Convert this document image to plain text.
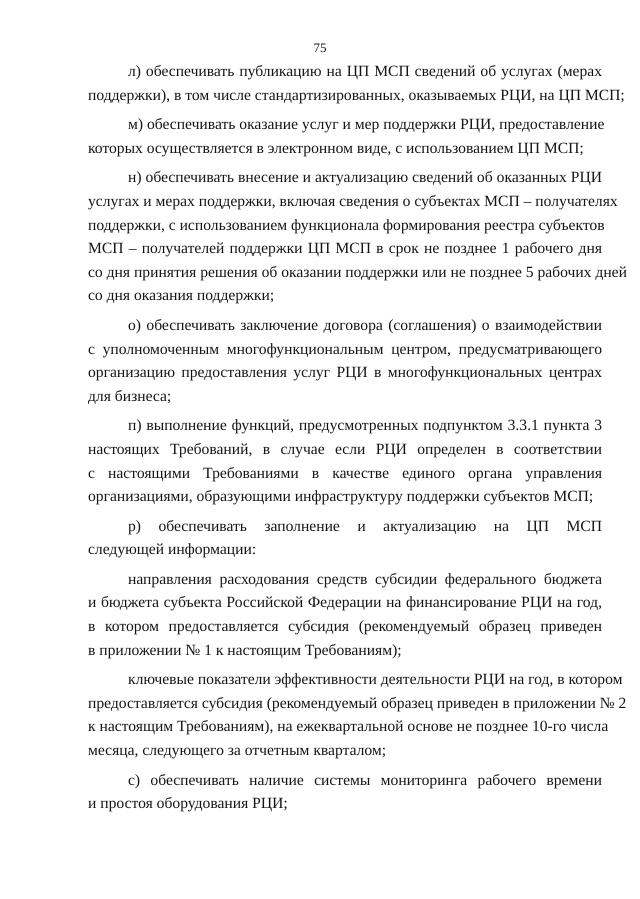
75
л) обеспечивать публикацию на ЦП МСП сведений об услугах (мерах
поддержки), в том числе стандартизированных, оказываемых РЦИ, на ЦП МСП;
м) обеспечивать оказание услуг и мер поддержки РЦИ, предоставление
которых осуществляется в электронном виде, с использованием ЦП МСП;
н) обеспечивать внесение и актуализацию сведений об оказанных РЦИ
услугах и мерах поддержки, включая сведения о субъектах МСП – получателях
поддержки, с использованием функционала формирования реестра субъектов
МСП – получателей поддержки ЦП МСП в срок не позднее 1 рабочего дня
со дня принятия решения об оказании поддержки или не позднее 5 рабочих дней
со дня оказания поддержки;
о) обеспечивать заключение договора (соглашения) о взаимодействии
с уполномоченным многофункциональным центром, предусматривающего
организацию предоставления услуг РЦИ в многофункциональных центрах
для бизнеса;
п) выполнение функций, предусмотренных подпунктом 3.3.1 пункта 3
настоящих Требований, в случае если РЦИ определен в соответствии
с настоящими Требованиями в качестве единого органа управления
организациями, образующими инфраструктуру поддержки субъектов МСП;
р) обеспечивать заполнение и актуализацию на ЦП МСП
следующей информации:
направления расходования средств субсидии федерального бюджета
и бюджета субъекта Российской Федерации на финансирование РЦИ на год,
в котором предоставляется субсидия (рекомендуемый образец приведен
в приложении № 1 к настоящим Требованиям);
ключевые показатели эффективности деятельности РЦИ на год, в котором
предоставляется субсидия (рекомендуемый образец приведен в приложении № 2
к настоящим Требованиям), на ежеквартальной основе не позднее 10-го числа
месяца, следующего за отчетным кварталом;
с) обеспечивать наличие системы мониторинга рабочего времени
и простоя оборудования РЦИ;
